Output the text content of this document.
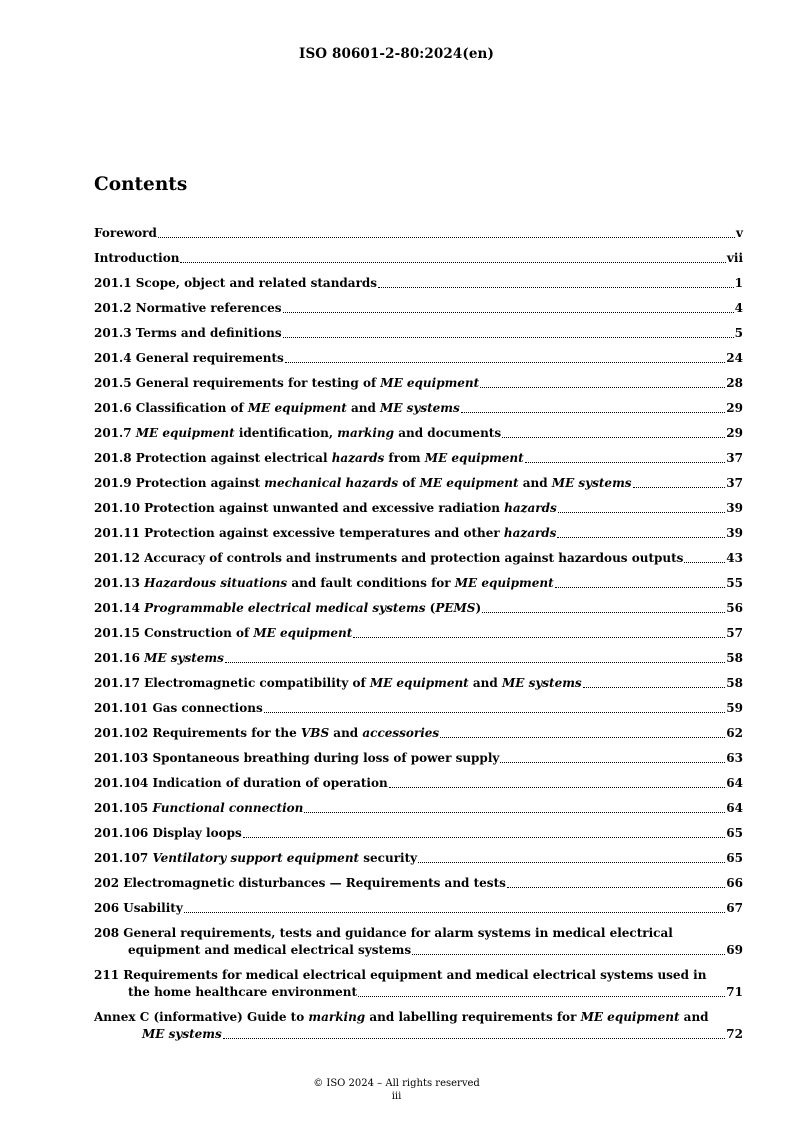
ISO 80601-2-80:2024(en)
Contents
Foreword	v
Introduction	vii
201.1 Scope, object and related standards	1
201.2 Normative references	4
201.3 Terms and definitions	5
201.4 General requirements	24
201.5 General requirements for testing of ME equipment	28
201.6 Classification of ME equipment and ME systems	29
201.7 ME equipment identification, marking and documents	29
201.8 Protection against electrical hazards from ME equipment	37
201.9 Protection against mechanical hazards of ME equipment and ME systems	37
201.10 Protection against unwanted and excessive radiation hazards	39
201.11 Protection against excessive temperatures and other hazards	39
201.12 Accuracy of controls and instruments and protection against hazardous outputs	43
201.13 Hazardous situations and fault conditions for ME equipment	55
201.14 Programmable electrical medical systems (PEMS)	56
201.15 Construction of ME equipment	57
201.16 ME systems	58
201.17 Electromagnetic compatibility of ME equipment and ME systems	58
201.101 Gas connections	59
201.102 Requirements for the VBS and accessories	62
201.103 Spontaneous breathing during loss of power supply	63
201.104 Indication of duration of operation	64
201.105 Functional connection	64
201.106 Display loops	65
201.107 Ventilatory support equipment security	65
202 Electromagnetic disturbances — Requirements and tests	66
206 Usability	67
208 General requirements, tests and guidance for alarm systems in medical electrical
equipment and medical electrical systems	69
211 Requirements for medical electrical equipment and medical electrical systems used in
the home healthcare environment	71
Annex C (informative) Guide to marking and labelling requirements for ME equipment and
ME systems	72
© ISO 2024 – All rights reserved
iii
